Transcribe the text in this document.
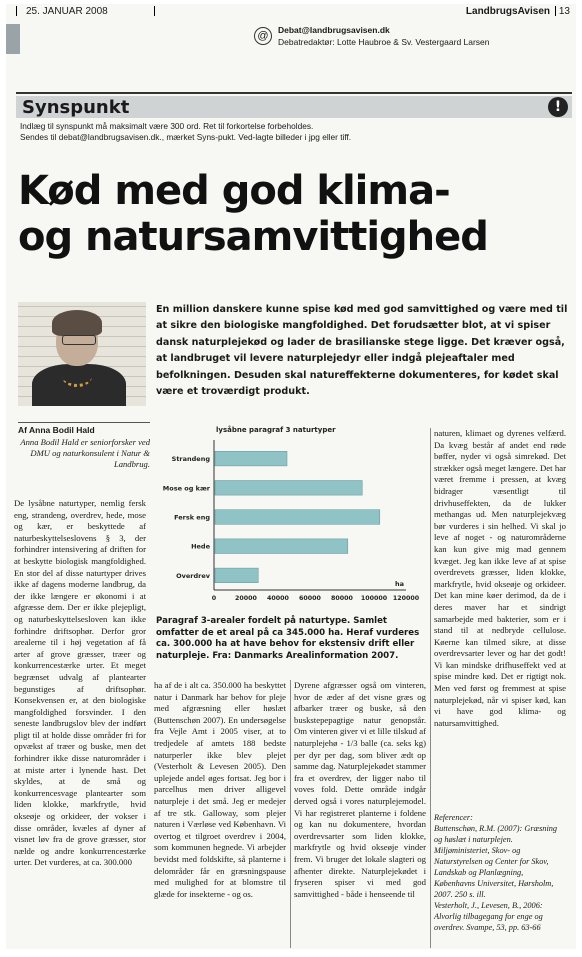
25. JANUAR 2008	LandbrugsAvisen 13
@	Debat@landbrugsavisen.dk
Debatredaktør: Lotte Haubroe & Sv. Vestergaard Larsen
Synspunkt	!
Indlæg til synspunkt må maksimalt være 300 ord. Ret til forkortelse forbeholdes.
Sendes til debat@landbrugsavisen.dk., mærket Syns-pukt. Ved-lagte billeder i jpg eller tiff.
Kød med god klima-
og natursamvittighed
En million danskere kunne spise kød med god samvittighed og være med til at sikre den biologiske mangfoldighed. Det forudsætter blot, at vi spiser dansk naturplejekød og lader de brasilianske stege ligge. Det kræver også, at landbruget vil levere naturplejedyr eller indgå plejeaftaler med befolkningen. Desuden skal natureffekterne dokumenteres, for kødet skal være et troværdigt produkt.
Af Anna Bodil Hald
Anna Bodil Hald er seniorforsker ved DMU og naturkonsulent i Natur & Landbrug.

De lysåbne naturtyper, nemlig fersk eng, strandeng, overdrev, hede, mose og kær, er beskyttede af naturbeskyttelseslovens § 3, der forhindrer intensivering af driften for at beskytte biologisk mangfoldighed. En stor del af disse naturtyper drives ikke af dagens moderne landbrug, da der ikke længere er økonomi i at afgræsse dem. Der er ikke plejepligt, og naturbeskyttelsesloven kan ikke forhindre driftsophør. Derfor gror arealerne til i høj vegetation af få arter af grove græsser, træer og konkurrencestærke urter. Et meget begrænset udvalg af plantearter begunstiges af driftsophør. Konsekvensen er, at den biologiske mangfoldighed forsvinder. I den seneste landbrugslov blev der indført pligt til at holde disse områder fri for opvækst af træer og buske, men det forhindrer ikke disse naturområder i at miste arter i lynende hast. Det skyldes, at de små og konkurrencesvage plantearter som liden klokke, markfrytle, hvid okseøje og orkideer, der vokser i disse områder, kvæles af dyner af visnet løv fra de grove græsser, stor nælde og andre konkurrencestærke urter. Det vurderes, at ca. 300.000

lysåbne paragraf 3 naturtyper
Strandeng
Mose og kær
Fersk eng
Hede
Overdrev
0	20000 40000 60000 80000 100000 120000
ha
Paragraf 3-arealer fordelt på naturtype. Samlet omfatter de et areal på ca 345.000 ha. Heraf vurderes ca. 300.000 ha at have behov for ekstensiv drift eller naturpleje. Fra: Danmarks Arealinformation 2007.

ha af de i alt ca. 350.000 ha beskyttet natur i Danmark har behov for pleje med afgræsning eller høslæt (Buttenschøn 2007). En undersøgelse fra Vejle Amt i 2005 viser, at to tredjedele af amtets 188 bedste naturperler ikke blev plejet (Vesterholt & Levesen 2005). Den uplejede andel øges fortsat. Jeg bor i parcelhus men driver alligevel naturpleje i det små. Jeg er medejer af tre stk. Galloway, som plejer naturen i Værløse ved København. Vi overtog et tilgroet overdrev i 2004, som kommunen hegnede. Vi arbejder bevidst med foldskifte, så planterne i delområder får en græsningspause med mulighed for at blomstre til glæde for insekterne - og os.

Dyrene afgræsser også om vinteren, hvor de æder af det visne græs og afbarker træer og buske, så den buskstepepagtige natur genopstår. Om vinteren giver vi et lille tilskud af naturplejehø - 1/3 balle (ca. seks kg) per dyr per dag, som bliver ædt op samme dag. Naturplejekødet stammer fra et overdrev, der ligger nabo til voves fold. Dette område indgår derved også i vores naturplejemodel. Vi har registreret planterne i foldene og kan nu dokumentere, hvordan overdrevsarter som liden klokke, markfrytle og hvid okseøje vinder frem. Vi bruger det lokale slagteri og afhenter direkte. Naturplejekødet i fryseren spiser vi med god samvittighed - både i henseende til

naturen, klimaet og dyrenes velfærd. Da kvæg består af andet end røde bøffer, nyder vi også simrekød. Det strækker også meget længere. Det har været fremme i pressen, at kvæg bidrager væsentligt til drivhuseffekten, da de lukker methangas ud. Men naturplejekvæg bør vurderes i sin helhed. Vi skal jo leve af noget - og naturområderne kan kun give mig mad gennem kvæget. Jeg kan ikke leve af at spise overdrevets græsser, liden klokke, markfrytle, hvid okseøje og orkideer. Det kan mine køer derimod, da de i deres maver har et sindrigt samarbejde med bakterier, som er i stand til at nedbryde cellulose. Køerne kan tilmed sikre, at disse overdrevsarter lever og har det godt! Vi kan mindske drifhuseffekt ved at spise mindre kød. Det er rigtigt nok. Men ved først og fremmest at spise naturplejekød, når vi spiser kød, kan vi have god klima- og natursamvittighed.

Referencer:
Buttenschøn, R.M. (2007): Græsning og høslæt i naturplejen. Miljøministeriet, Skov- og Naturstyrelsen og Center for Skov, Landskab og Planlægning, Københavns Universitet, Hørsholm, 2007. 250 s. ill.
Vesterholt, J., Levesen, B., 2006: Alvorlig tilbagegang for enge og overdrev. Svampe, 53, pp. 63-66
